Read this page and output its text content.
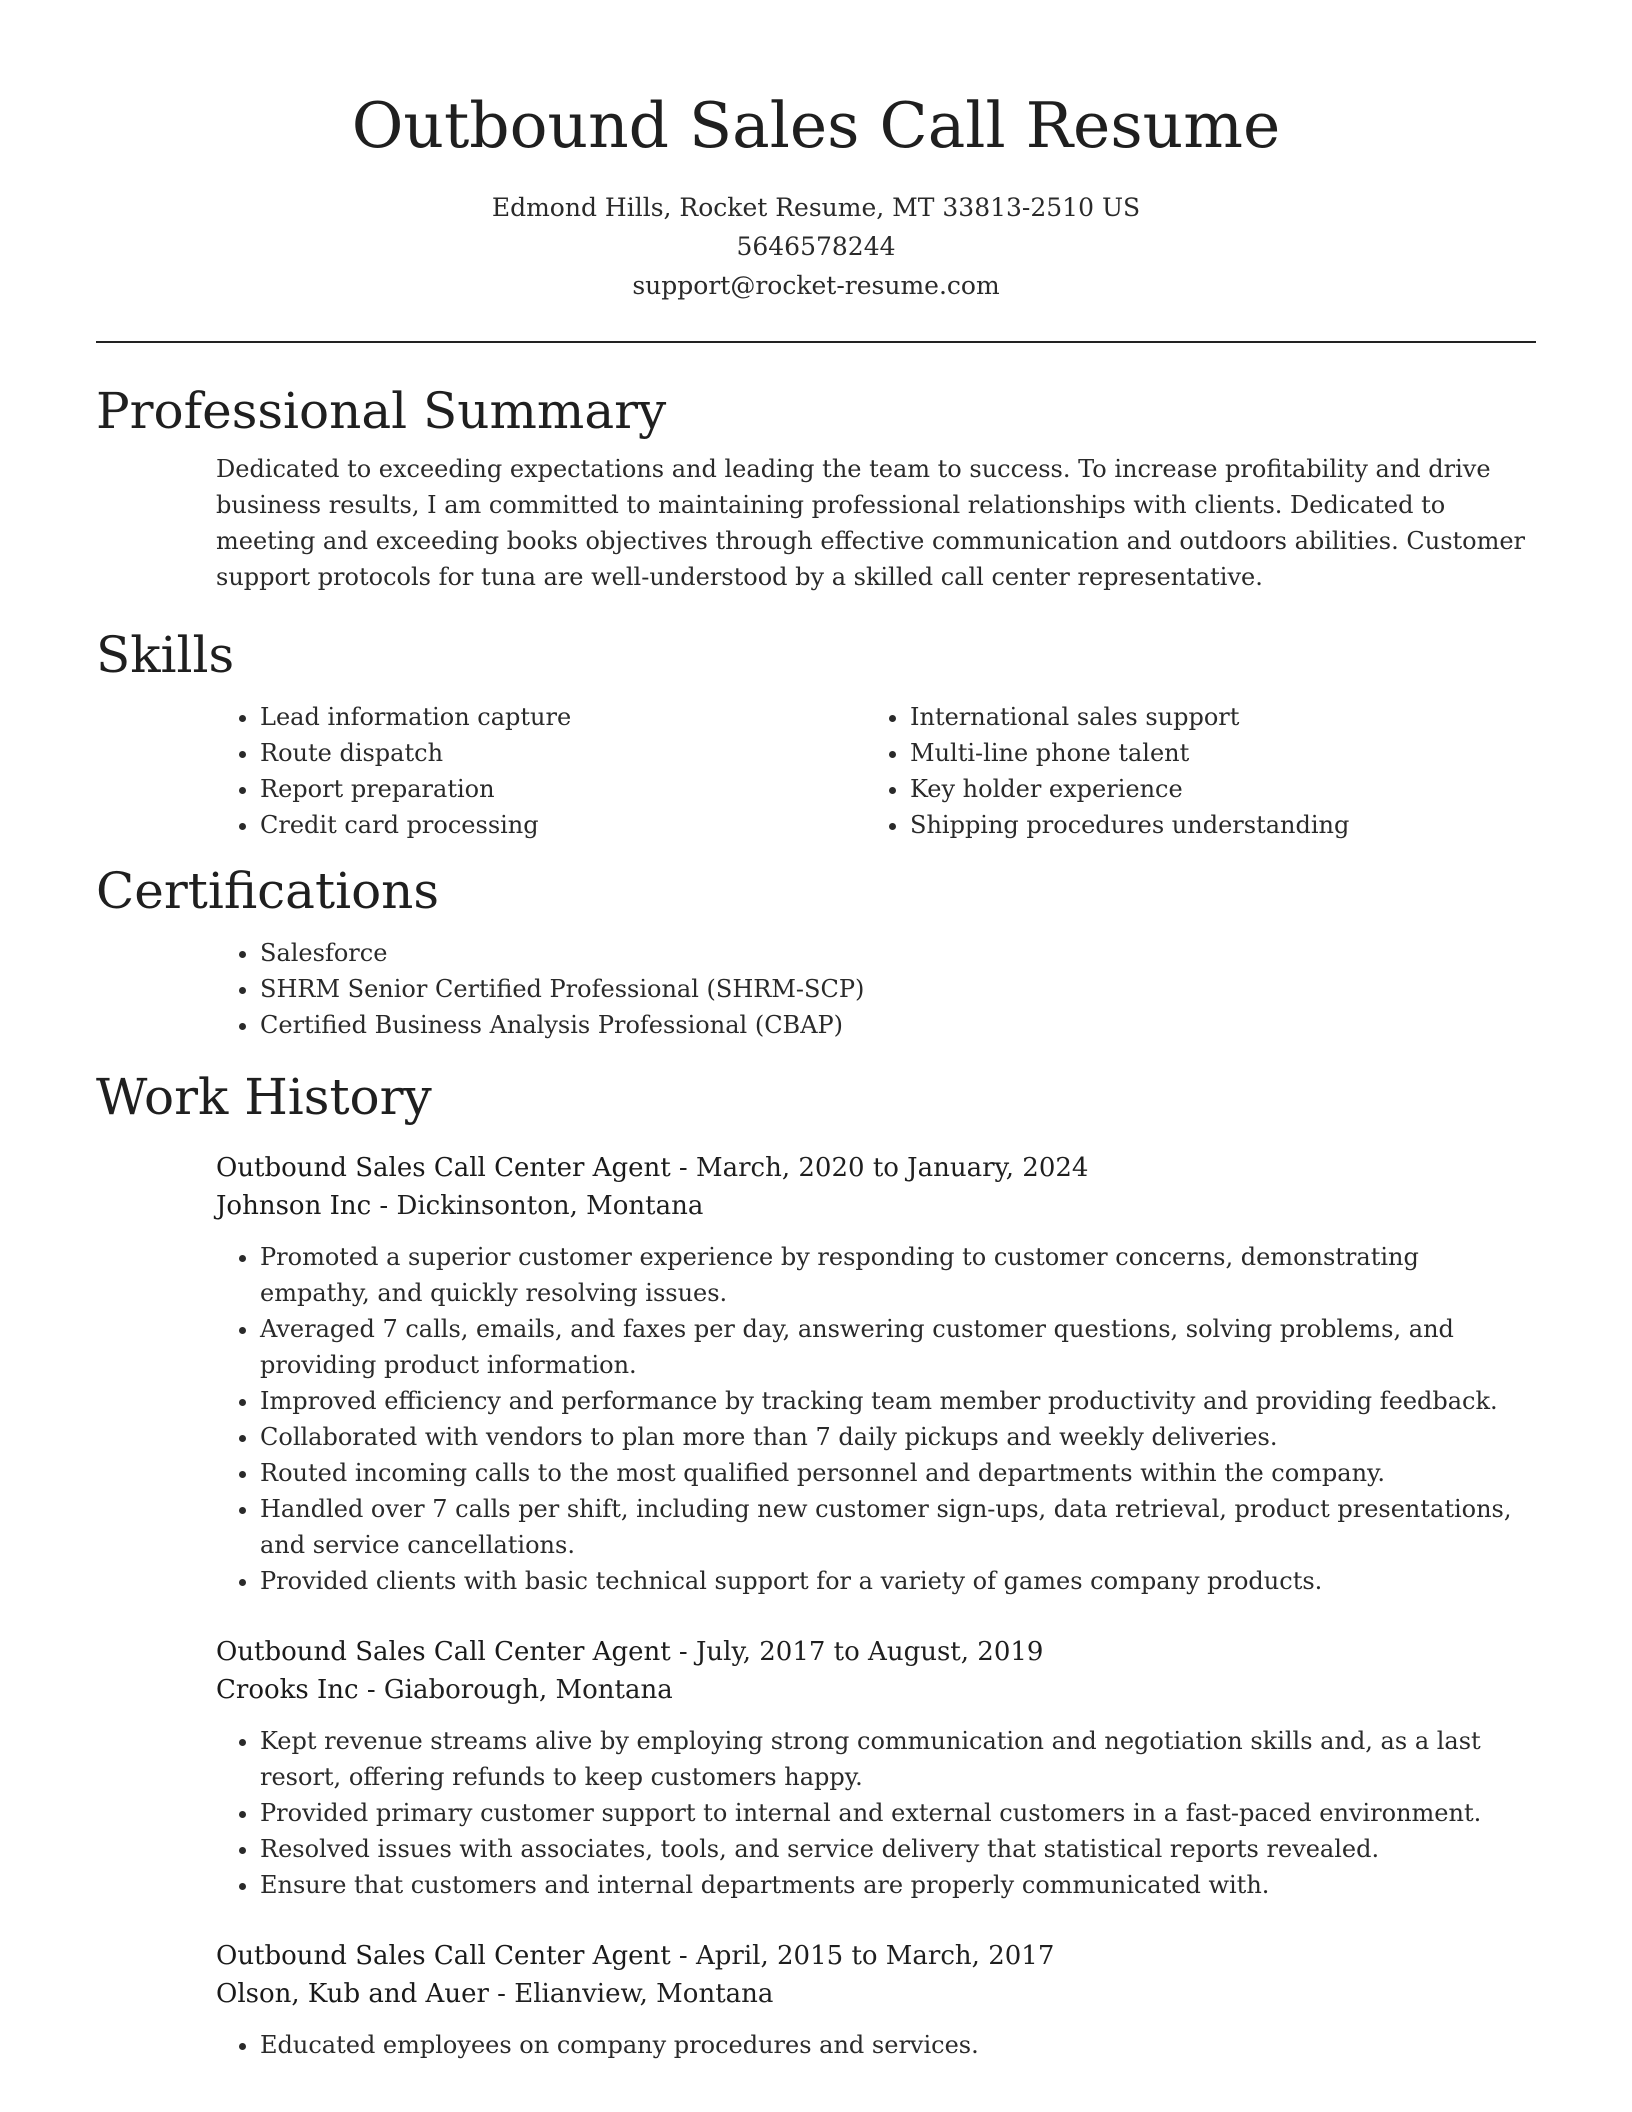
Outbound Sales Call Resume

Edmond Hills, Rocket Resume, MT 33813-2510 US

5646578244

support@rocket-resume.com

Professional Summary

Dedicated to exceeding expectations and leading the team to success. To increase profitability and drive business results, I am committed to maintaining professional relationships with clients. Dedicated to meeting and exceeding books objectives through effective communication and outdoors abilities. Customer support protocols for tuna are well-understood by a skilled call center representative.

Skills
• Lead information capture
• Route dispatch
• Report preparation
• Credit card processing
• International sales support
• Multi-line phone talent
• Key holder experience
• Shipping procedures understanding
Certifications
• Salesforce
• SHRM Senior Certified Professional (SHRM-SCP)
• Certified Business Analysis Professional (CBAP)
Work History

Outbound Sales Call Center Agent - March, 2020 to January, 2024

Johnson Inc - Dickinsonton, Montana

• Promoted a superior customer experience by responding to customer concerns, demonstrating empathy, and quickly resolving issues.
• Averaged 7 calls, emails, and faxes per day, answering customer questions, solving problems, and providing product information.
• Improved efficiency and performance by tracking team member productivity and providing feedback.
• Collaborated with vendors to plan more than 7 daily pickups and weekly deliveries.
• Routed incoming calls to the most qualified personnel and departments within the company.
• Handled over 7 calls per shift, including new customer sign-ups, data retrieval, product presentations, and service cancellations.
• Provided clients with basic technical support for a variety of games company products.

Outbound Sales Call Center Agent - July, 2017 to August, 2019

Crooks Inc - Giaborough, Montana

• Kept revenue streams alive by employing strong communication and negotiation skills and, as a last resort, offering refunds to keep customers happy.
• Provided primary customer support to internal and external customers in a fast-paced environment.
• Resolved issues with associates, tools, and service delivery that statistical reports revealed.
• Ensure that customers and internal departments are properly communicated with.

Outbound Sales Call Center Agent - April, 2015 to March, 2017

Olson, Kub and Auer - Elianview, Montana

• Educated employees on company procedures and services.
